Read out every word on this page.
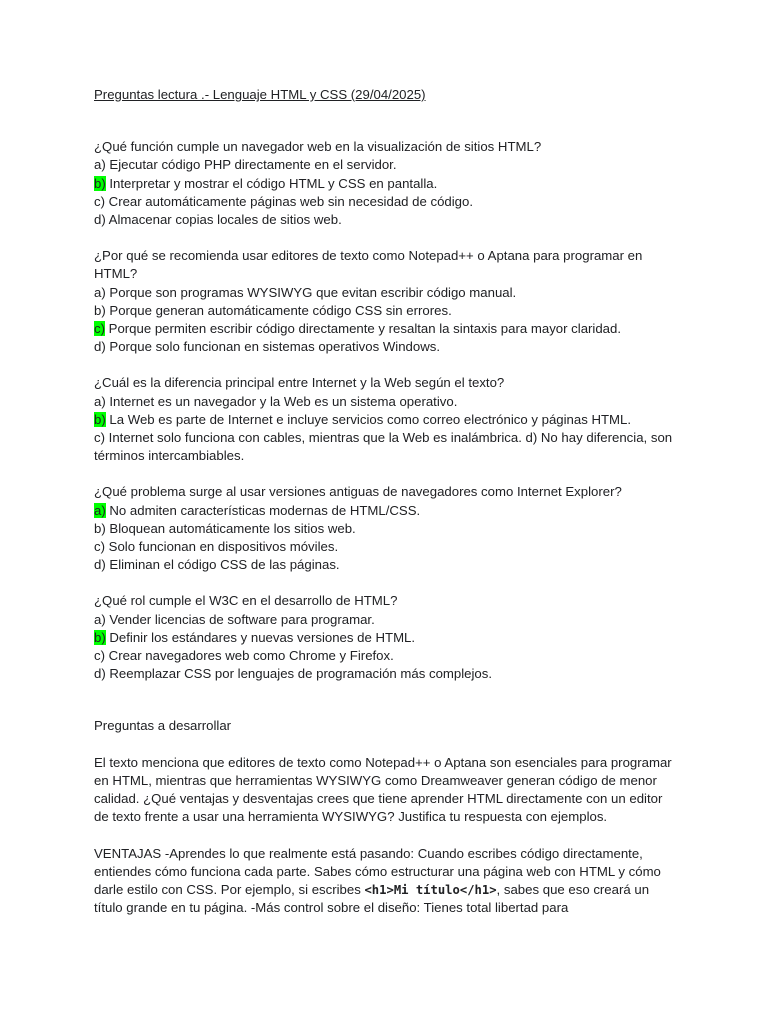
Preguntas lectura .- Lenguaje HTML y CSS (29/04/2025)

¿Qué función cumple un navegador web en la visualización de sitios HTML?

a) Ejecutar código PHP directamente en el servidor.

b) Interpretar y mostrar el código HTML y CSS en pantalla.

c) Crear automáticamente páginas web sin necesidad de código.

d) Almacenar copias locales de sitios web.

¿Por qué se recomienda usar editores de texto como Notepad++ o Aptana para programar en HTML?

a) Porque son programas WYSIWYG que evitan escribir código manual.

b) Porque generan automáticamente código CSS sin errores.

c) Porque permiten escribir código directamente y resaltan la sintaxis para mayor claridad.

d) Porque solo funcionan en sistemas operativos Windows.

¿Cuál es la diferencia principal entre Internet y la Web según el texto?

a) Internet es un navegador y la Web es un sistema operativo.

b) La Web es parte de Internet e incluye servicios como correo electrónico y páginas HTML.

c) Internet solo funciona con cables, mientras que la Web es inalámbrica. d) No hay diferencia, son términos intercambiables.

¿Qué problema surge al usar versiones antiguas de navegadores como Internet Explorer?

a) No admiten características modernas de HTML/CSS.

b) Bloquean automáticamente los sitios web.

c) Solo funcionan en dispositivos móviles.

d) Eliminan el código CSS de las páginas.

¿Qué rol cumple el W3C en el desarrollo de HTML?

a) Vender licencias de software para programar.

b) Definir los estándares y nuevas versiones de HTML.

c) Crear navegadores web como Chrome y Firefox.

d) Reemplazar CSS por lenguajes de programación más complejos.

Preguntas a desarrollar

El texto menciona que editores de texto como Notepad++ o Aptana son esenciales para programar en HTML, mientras que herramientas WYSIWYG como Dreamweaver generan código de menor calidad. ¿Qué ventajas y desventajas crees que tiene aprender HTML directamente con un editor de texto frente a usar una herramienta WYSIWYG? Justifica tu respuesta con ejemplos.

VENTAJAS -Aprendes lo que realmente está pasando: Cuando escribes código directamente, entiendes cómo funciona cada parte. Sabes cómo estructurar una página web con HTML y cómo darle estilo con CSS. Por ejemplo, si escribes <h1>Mi título</h1>, sabes que eso creará un título grande en tu página. -Más control sobre el diseño: Tienes total libertad para
